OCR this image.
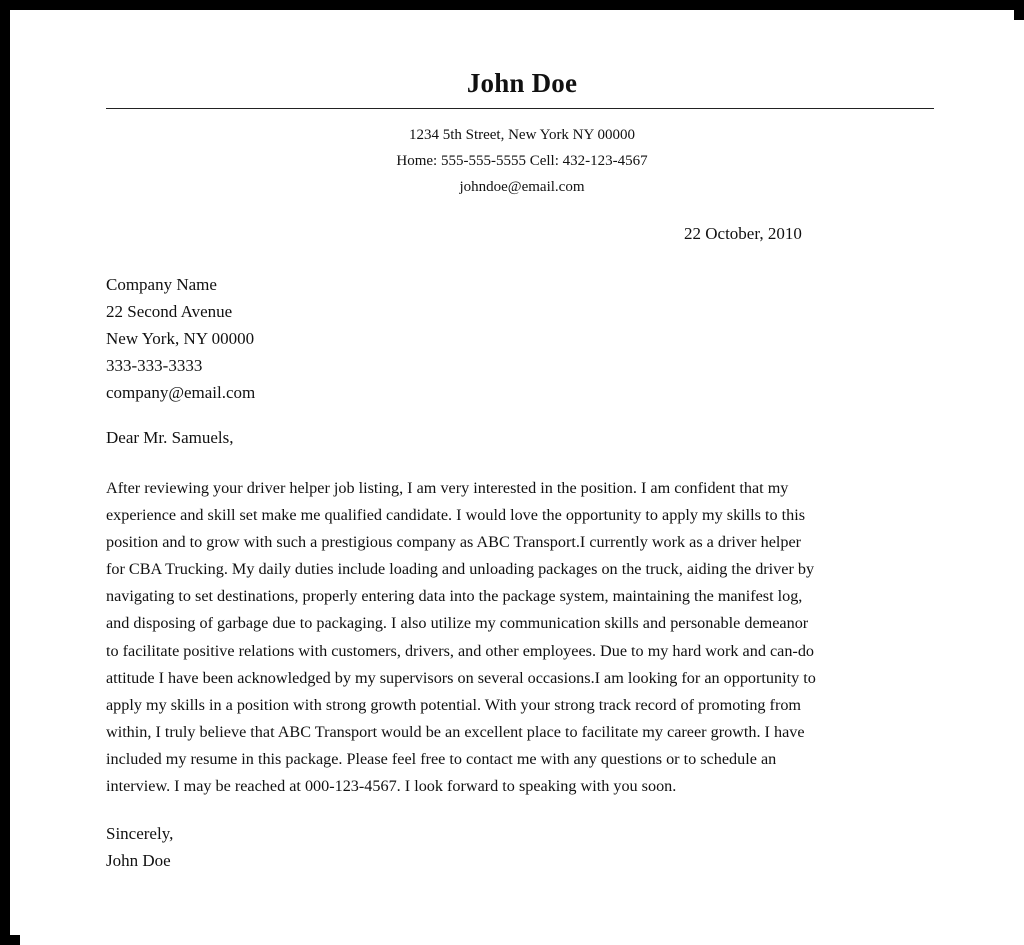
John Doe
1234 5th Street, New York NY 00000
Home: 555-555-5555 Cell: 432-123-4567
johndoe@email.com
22 October, 2010
Company Name
22 Second Avenue
New York, NY 00000
333-333-3333
company@email.com
Dear Mr. Samuels,
After reviewing your driver helper job listing, I am very interested in the position. I am confident that my
experience and skill set make me qualified candidate. I would love the opportunity to apply my skills to this
position and to grow with such a prestigious company as ABC Transport.I currently work as a driver helper
for CBA Trucking. My daily duties include loading and unloading packages on the truck, aiding the driver by
navigating to set destinations, properly entering data into the package system, maintaining the manifest log,
and disposing of garbage due to packaging. I also utilize my communication skills and personable demeanor
to facilitate positive relations with customers, drivers, and other employees. Due to my hard work and can-do
attitude I have been acknowledged by my supervisors on several occasions.I am looking for an opportunity to
apply my skills in a position with strong growth potential. With your strong track record of promoting from
within, I truly believe that ABC Transport would be an excellent place to facilitate my career growth. I have
included my resume in this package. Please feel free to contact me with any questions or to schedule an
interview. I may be reached at 000-123-4567. I look forward to speaking with you soon.
Sincerely,
John Doe
